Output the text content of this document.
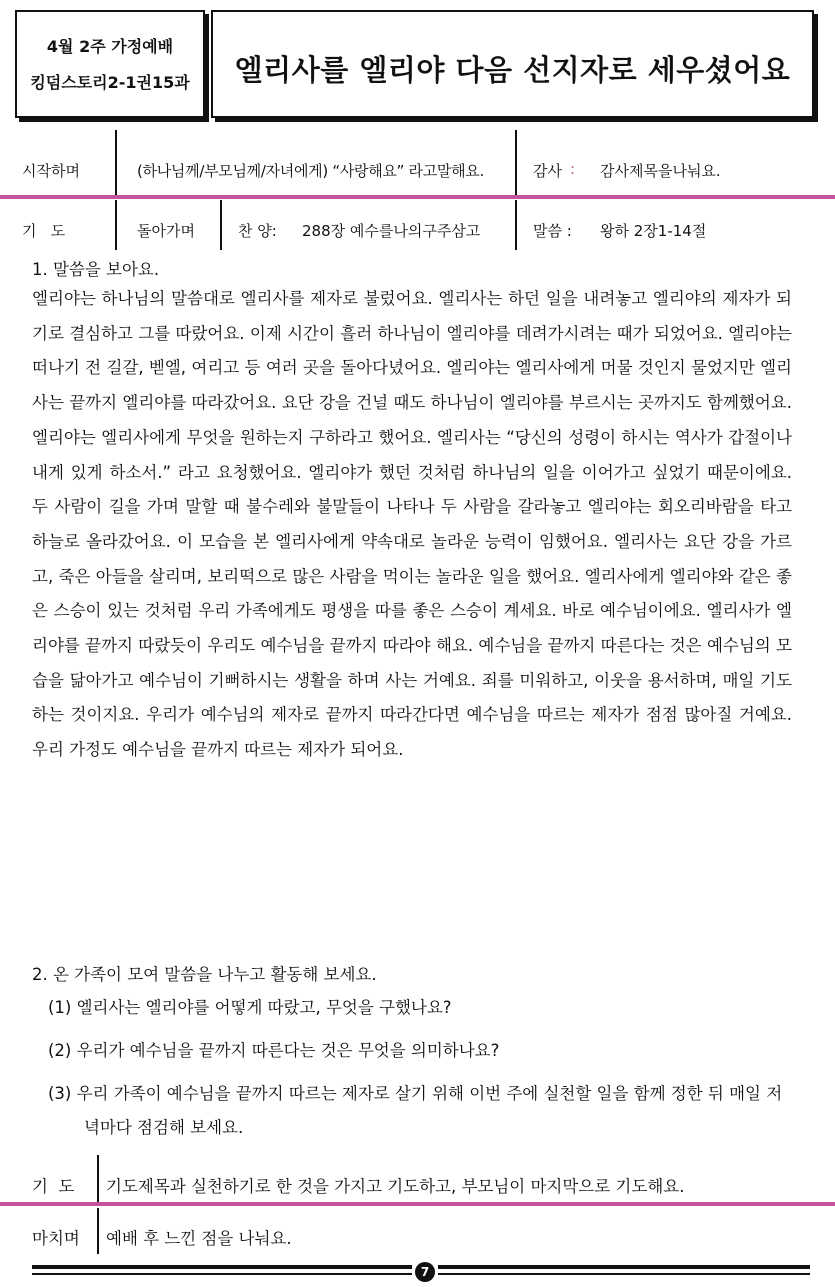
4월 2주 가정예배
킹덤스토리2-1권15과	엘리사를 엘리야 다음 선지자로 세우셨어요
시작하며	(하나님께/부모님께/자녀에게) “사랑해요” 라고말해요.	감사 : 감사제목을나눠요.
기   도	돌아가며	찬 양: 288장 예수를나의구주삼고	말씀 : 왕하 2장1-14절
1. 말씀을 보아요.
엘리야는 하나님의 말씀대로 엘리사를 제자로 불렀어요. 엘리사는 하던 일을 내려놓고 엘리야의 제자가 되기로 결심하고 그를 따랐어요. 이제 시간이 흘러 하나님이 엘리야를 데려가시려는 때가 되었어요. 엘리야는 떠나기 전 길갈, 벧엘, 여리고 등 여러 곳을 돌아다녔어요. 엘리야는 엘리사에게 머물 것인지 물었지만 엘리사는 끝까지 엘리야를 따라갔어요. 요단 강을 건널 때도 하나님이 엘리야를 부르시는 곳까지도 함께했어요. 엘리야는 엘리사에게 무엇을 원하는지 구하라고 했어요. 엘리사는 “당신의 성령이 하시는 역사가 갑절이나 내게 있게 하소서.” 라고 요청했어요. 엘리야가 했던 것처럼 하나님의 일을 이어가고 싶었기 때문이에요. 두 사람이 길을 가며 말할 때 불수레와 불말들이 나타나 두 사람을 갈라놓고 엘리야는 회오리바람을 타고 하늘로 올라갔어요. 이 모습을 본 엘리사에게 약속대로 놀라운 능력이 임했어요. 엘리사는 요단 강을 가르고, 죽은 아들을 살리며, 보리떡으로 많은 사람을 먹이는 놀라운 일을 했어요. 엘리사에게 엘리야와 같은 좋은 스승이 있는 것처럼 우리 가족에게도 평생을 따를 좋은 스승이 계세요. 바로 예수님이에요. 엘리사가 엘리야를 끝까지 따랐듯이 우리도 예수님을 끝까지 따라야 해요. 예수님을 끝까지 따른다는 것은 예수님의 모습을 닮아가고 예수님이 기뻐하시는 생활을 하며 사는 거예요. 죄를 미워하고, 이웃을 용서하며, 매일 기도하는 것이지요. 우리가 예수님의 제자로 끝까지 따라간다면 예수님을 따르는 제자가 점점 많아질 거예요. 우리 가정도 예수님을 끝까지 따르는 제자가 되어요.
2. 온 가족이 모여 말씀을 나누고 활동해 보세요.
(1) 엘리사는 엘리야를 어떻게 따랐고, 무엇을 구했나요?
(2) 우리가 예수님을 끝까지 따른다는 것은 무엇을 의미하나요?
(3) 우리 가족이 예수님을 끝까지 따르는 제자로 살기 위해 이번 주에 실천할 일을 함께 정한 뒤 매일 저녁마다 점검해 보세요.
기  도 기도제목과 실천하기로 한 것을 가지고 기도하고, 부모님이 마지막으로 기도해요.
마치며 예배 후 느낀 점을 나눠요.
7
